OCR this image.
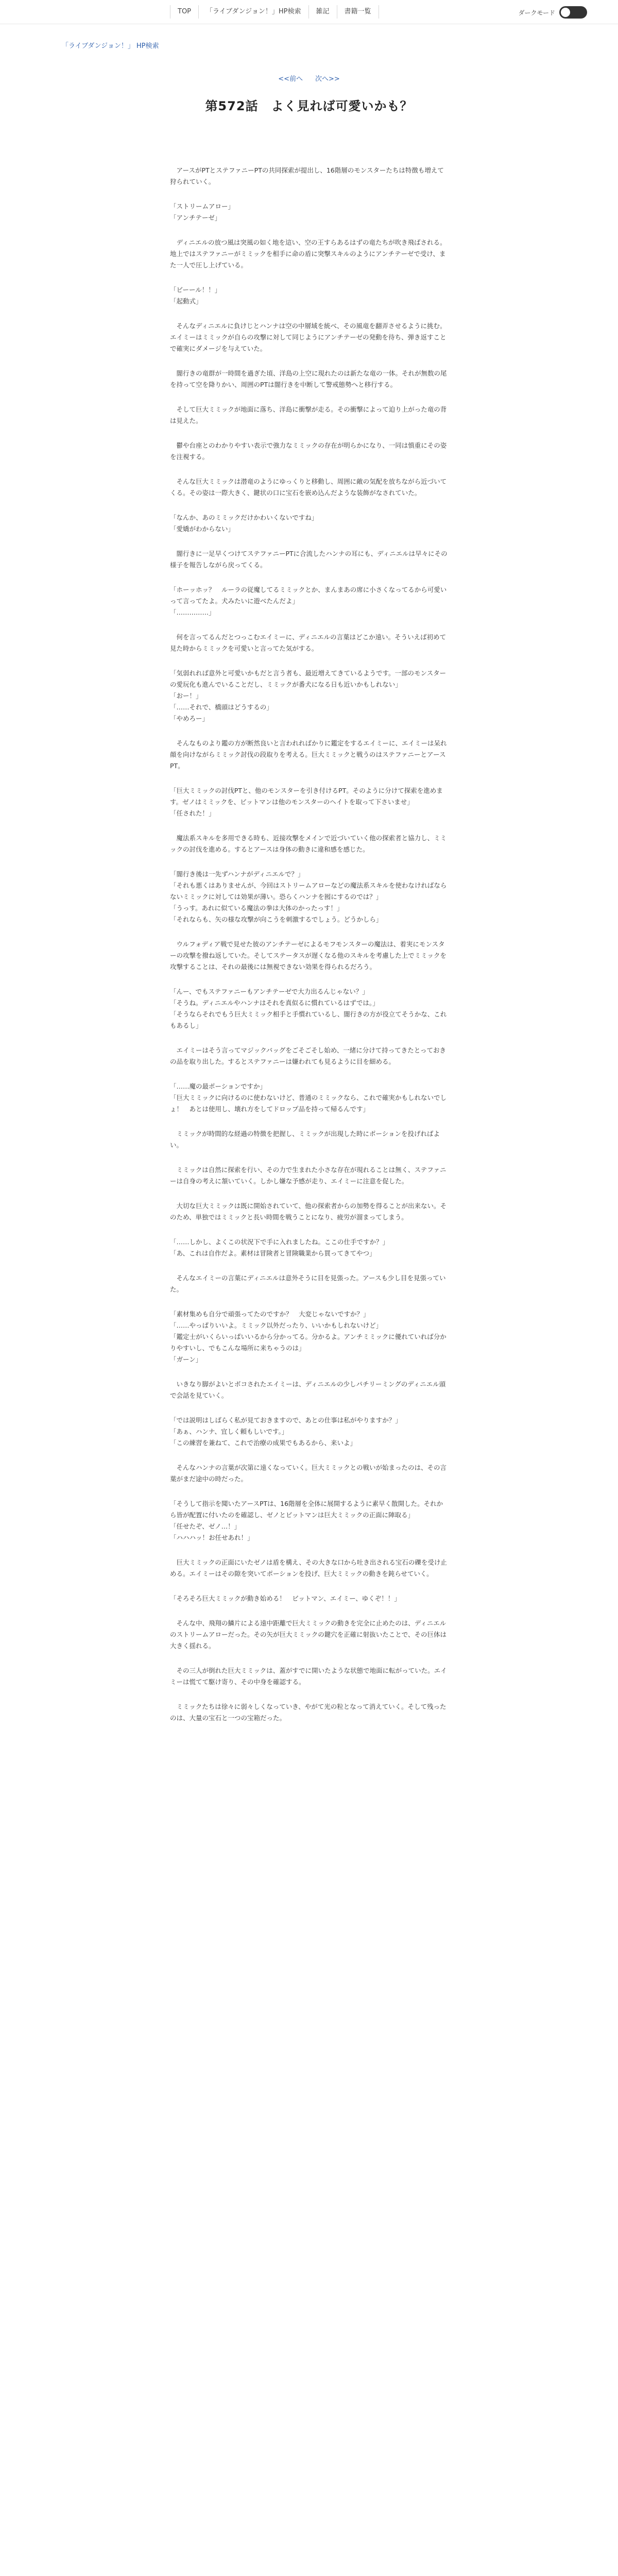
TOP	「ライブダンジョン！」HP検索	雑記	書籍一覧	ダークモード
「ライブダンジョン！」 HP検索
<<前へ 次へ>>
第572話　よく見れば可愛いかも？

　アースがPTとステファニーPTの共同探索が提出し、16階層のモンスターたちは特徴も増えて狩られていく。

「ストリームアロー」
「アンチテーゼ」

　ディニエルの放つ風は突風の如く地を這い、空の王すらあるはずの竜たちが吹き飛ばされる。地上ではステファニーがミミックを相手に命の盾に突撃スキルのようにアンチテーゼで受け、また一人で圧し上げている。

「ビーール！！」
「起動式」

　そんなディニエルに負けじとハンナは空の中層域を統べ、その風竜を翻弄させるように挑む。エイミーはミミックが自らの攻撃に対して同じようにアンチテーゼの発動を待ち、弾き返すことで確実にダメージを与えていた。

　闇行きの竜群が一時間を過ぎた頃、洋島の上空に現れたのは新たな竜の一体。それが無数の尾を持って空を降りかい、周囲のPTは闇行きを中断して警戒態勢へと移行する。

　そして巨大ミミックが地面に落ち、洋島に衝撃が走る。その衝撃によって迫り上がった竜の背は見えた。

　鬱や台座とのわかりやすい表示で強力なミミックの存在が明らかになり、一同は慎重にその姿を注視する。

　そんな巨大ミミックは潜竜のようにゆっくりと移動し、周囲に敵の気配を放ちながら近づいてくる。その姿は一際大きく、鍵状の口に宝石を嵌め込んだような装飾がなされていた。

「なんか、あのミミックだけかわいくないですね」
「愛嬌がわからない」

　闇行きに一足早くつけてステファニーPTに合流したハンナの耳にも、ディニエルは早々にその様子を報告しながら戻ってくる。

「ホーッホッ？　ルーラの従魔してるミミックとか、まんまあの席に小さくなってるから可愛いって言ってたよ。犬みたいに遊べたんだよ」
「……………」

　何を言ってるんだとつっこむエイミーに、ディニエルの言葉はどこか遠い。そういえば初めて見た時からミミックを可愛いと言ってた気がする。

「気弱れれば意外と可愛いかもだと言う者も、最近増えてきているようです。一部のモンスターの愛玩化も進んでいることだし、ミミックが番犬になる日も近いかもしれない」
「おー！」
「……それで、橋頭はどうするの」
「やめろー」

　そんなものより鑑の方が断然良いと言われればかりに鑑定をするエイミーに、エイミーは呆れ顔を向けながらミミック討伐の段取りを考える。巨大ミミックと戦うのはステファニーとアースPT。

「巨大ミミックの討伐PTと、他のモンスターを引き付けるPT。そのように分けて探索を進めます。ゼノはミミックを、ビットマンは他のモンスターのヘイトを取って下さいませ」
「任された！」

　魔法系スキルを多用できる時も、近接攻撃をメインで近づいていく他の探索者と協力し、ミミックの討伐を進める。するとアースは身体の動きに違和感を感じた。

「闇行き後は一先ずハンナがディニエルで？」
「それも悪くはありませんが、今回はストリームアローなどの魔法系スキルを使わなければならないミミックに対しては効果が薄い。恐らくハンナを囮にするのでは？」
「うっす。あれに似ている魔法の拳は大体のかったっす！」
「それならも、矢の様な攻撃が向こうを刺激するでしょう。どうかしら」

　ウルフォディア戦で見せた彼のアンチテーゼによるモフモンスターの魔法は、着実にモンスターの攻撃を撥ね返していた。そしてステータスが遅くなる他のスキルを考慮した上でミミックを攻撃することは、それの最後には無視できない効果を得られるだろう。

「んー、でもステファニーもアンチテーゼで大力出るんじゃない？」
「そうね。ディニエルやハンナはそれを真似るに慣れているはずでは。」
「そうならそれでもう巨大ミミック相手と手慣れているし、闇行きの方が役立てそうかな、これもあるし」

　エイミーはそう言ってマジックバッグをごそごそし始め、一緒に分けて持ってきたとっておきの品を取り出した。するとステファニーは嫌われても見るように目を細める。

「……魔の最ポーションですか」
「巨大ミミックに向けるのに使わないけど、普通のミミックなら、これで確実かもしれないでしょ！　あとは使用し、壊れ方をしてドロップ品を持って帰るんです」

　ミミックが時間的な経過の特徴を把握し、ミミックが出現した時にポーションを投げればよい。

　ミミックは自然に探索を行い、その力で生まれた小さな存在が現れることは無く、ステファニーは自身の考えに頷いていく。しかし嫌な予感が走り、エイミーに注意を促した。

　大切な巨大ミミックは既に開始されていて、他の探索者からの加勢を得ることが出来ない。そのため、単独ではミミックと長い時間を戦うことになり、疲労が溜まってしまう。

「……しかし、よくこの状況下で手に入れましたね。ここの仕手ですか？」
「あ、これは自作だよ。素材は冒険者と冒険職業から買ってきてやつ」

　そんなエイミーの言葉にディニエルは意外そうに目を見張った。アースも少し目を見張っていた。

「素材集めも自分で頑張ってたのですか？　大変じゃないですか？」
「……やっぱりいいよ。ミミック以外だったり、いいかもしれないけど」
「鑑定士がいくらいっぱいいるから分かってる。分かるよ。アンチミミックに優れていれば分かりやすいし、でもこんな場所に来ちゃうのは」
「ガーン」

　いきなり脚がよいとボコされたエイミーは、ディニエルの少しパチリーミングのディニエル頭で会話を見ていく。

「では説明はしばらく私が見ておきますので、あとの仕事は私がやりますか？」
「あぁ、ハンナ、宜しく頼もしいです。」
「この練習を兼ねて、これで治療の成果でもあるから、来いよ」

　そんなハンナの言葉が次第に遠くなっていく。巨大ミミックとの戦いが始まったのは、その言葉がまだ途中の時だった。

「そうして指示を聞いたアースPTは、16階層を全体に展開するように素早く散開した。それから皆が配置に付いたのを確認し、ゼノとビットマンは巨大ミミックの正面に陣取る」
「任せたぞ、ゼノ…！」
「ハハハッ！お任せあれ！」

　巨大ミミックの正面にいたゼノは盾を構え、その大きな口から吐き出される宝石の礫を受け止める。エイミーはその隙を突いてポーションを投げ、巨大ミミックの動きを鈍らせていく。

「そろそろ巨大ミミックが動き始める！　ビットマン、エイミー、ゆくぞ！！」

　そんな中、飛翔の鱗片による遠中距離で巨大ミミックの動きを完全に止めたのは、ディニエルのストリームアローだった。その矢が巨大ミミックの鍵穴を正確に射抜いたことで、その巨体は大きく揺れる。

　その三人が倒れた巨大ミミックは、蓋がすでに開いたような状態で地面に転がっていた。エイミーは慌てて駆け寄り、その中身を確認する。

　ミミックたちは徐々に弱々しくなっていき、やがて光の粒となって消えていく。そして残ったのは、大量の宝石と一つの宝箱だった。
